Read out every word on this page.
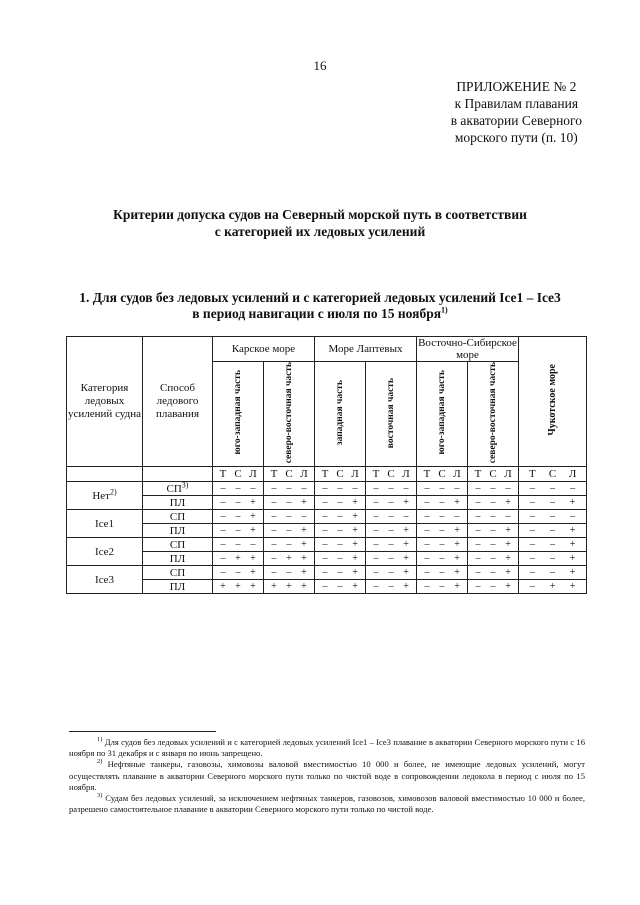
16
ПРИЛОЖЕНИЕ № 2
к Правилам плавания
в акватории Северного
морского пути (п. 10)
Критерии допуска судов на Северный морской путь в соответствии
с категорией их ледовых усилений
1. Для судов без ледовых усилений и с категорией ледовых усилений Ice1 – Ice3
в период навигации с июля по 15 ноября$^{1)}$
Категория ледовых усилений судна	Способ ледового плавания	Карское море		Море Лаптевых		Восточно-Сибирское море		Чукотское море
		юго-западная часть	северо-восточная часть	западная часть	восточная часть	юго-западная часть	северо-восточная часть	
		Т С Л	Т С Л	Т С Л	Т С Л	Т С Л	Т С Л	Т С Л
Нет$^{2)}$	СП$^{3)}$	– – –	– – –	– – –	– – –	– – –	– – –	– – –
	ПЛ	– – +	– – +	– – +	– – +	– – +	– – +	– – +
Ice1	СП	– – +	– – –	– – +	– – –	– – –	– – –	– – –
	ПЛ	– – +	– – +	– – +	– – +	– – +	– – +	– – +
Ice2	СП	– – –	– – +	– – +	– – +	– – +	– – +	– – +
	ПЛ	– + +	– + +	– – +	– – +	– – +	– – +	– – +
Ice3	СП	– – +	– – +	– – +	– – +	– – +	– – +	– – +
	ПЛ	+ + +	+ + +	– – +	– – +	– – +	– – +	– + +

$^{1)}$ Для судов без ледовых усилений и с категорией ледовых усилений Ice1 – Ice3 плавание в акватории Северного морского пути с 16 ноября по 31 декабря и с января по июнь запрещено.

$^{2)}$ Нефтяные танкеры, газовозы, химовозы валовой вместимостью 10 000 и более, не имеющие ледовых усилений, могут осуществлять плавание в акватории Северного морского пути только по чистой воде в сопровождении ледокола в период с июля по 15 ноября.

$^{3)}$ Судам без ледовых усилений, за исключением нефтяных танкеров, газовозов, химовозов валовой вместимостью 10 000 и более, разрешено самостоятельное плавание в акватории Северного морского пути только по чистой воде.
